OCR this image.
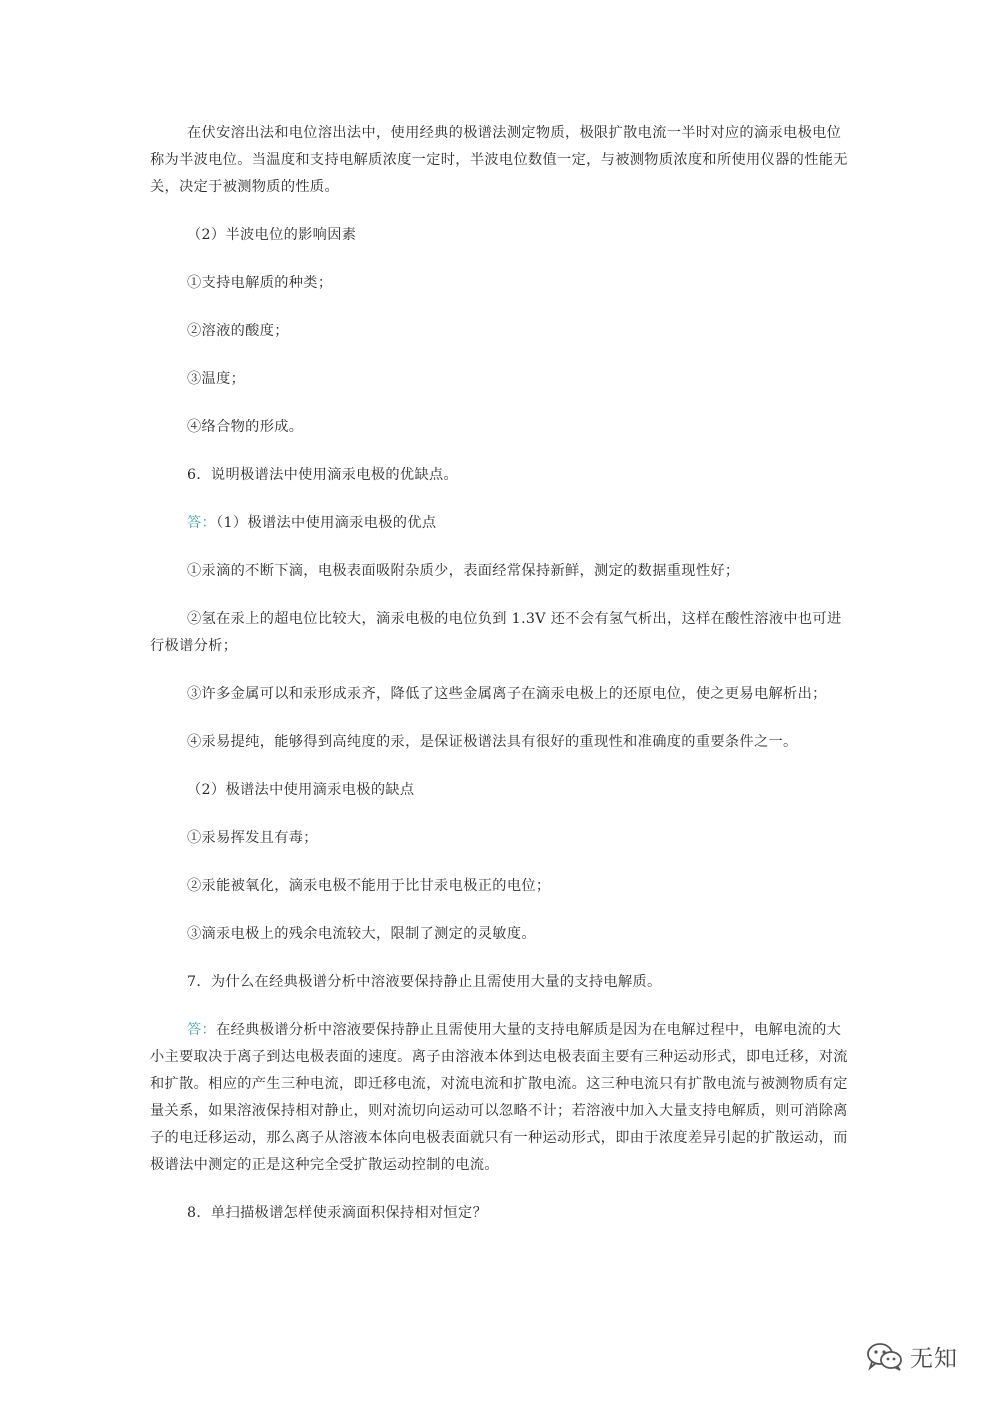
在伏安溶出法和电位溶出法中，使用经典的极谱法测定物质，极限扩散电流一半时对应的滴汞电极电位称为半波电位。当温度和支持电解质浓度一定时，半波电位数值一定，与被测物质浓度和所使用仪器的性能无关，决定于被测物质的性质。

（2）半波电位的影响因素

①支持电解质的种类；

②溶液的酸度；

③温度；

④络合物的形成。

6．说明极谱法中使用滴汞电极的优缺点。

答：（1）极谱法中使用滴汞电极的优点

①汞滴的不断下滴，电极表面吸附杂质少，表面经常保持新鲜，测定的数据重现性好；

②氢在汞上的超电位比较大，滴汞电极的电位负到 1.3V 还不会有氢气析出，这样在酸性溶液中也可进行极谱分析；

③许多金属可以和汞形成汞齐，降低了这些金属离子在滴汞电极上的还原电位，使之更易电解析出；

④汞易提纯，能够得到高纯度的汞，是保证极谱法具有很好的重现性和准确度的重要条件之一。

（2）极谱法中使用滴汞电极的缺点

①汞易挥发且有毒；

②汞能被氧化，滴汞电极不能用于比甘汞电极正的电位；

③滴汞电极上的残余电流较大，限制了测定的灵敏度。

7．为什么在经典极谱分析中溶液要保持静止且需使用大量的支持电解质。

答：在经典极谱分析中溶液要保持静止且需使用大量的支持电解质是因为在电解过程中，电解电流的大小主要取决于离子到达电极表面的速度。离子由溶液本体到达电极表面主要有三种运动形式，即电迁移，对流和扩散。相应的产生三种电流，即迁移电流，对流电流和扩散电流。这三种电流只有扩散电流与被测物质有定量关系，如果溶液保持相对静止，则对流切向运动可以忽略不计；若溶液中加入大量支持电解质，则可消除离子的电迁移运动，那么离子从溶液本体向电极表面就只有一种运动形式，即由于浓度差异引起的扩散运动，而极谱法中测定的正是这种完全受扩散运动控制的电流。

8．单扫描极谱怎样使汞滴面积保持相对恒定？

无知
